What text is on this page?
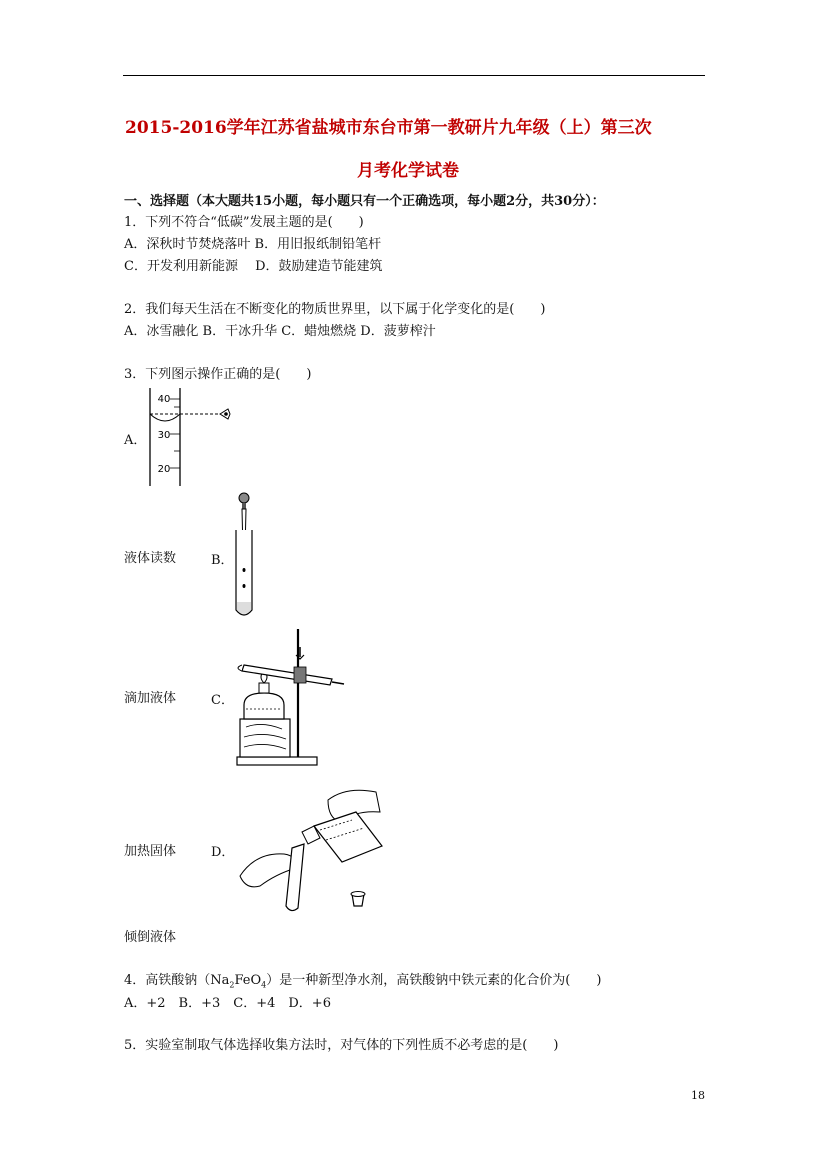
2015-2016学年江苏省盐城市东台市第一教研片九年级（上）第三次
月考化学试卷
一、选择题（本大题共15小题，每小题只有一个正确选项，每小题2分，共30分）：
1．下列不符合“低碳”发展主题的是(　　)
A．深秋时节焚烧落叶 B．用旧报纸制铅笔杆
C．开发利用新能源　 D．鼓励建造节能建筑
2．我们每天生活在不断变化的物质世界里，以下属于化学变化的是(　　)
A．冰雪融化 B．干冰升华 C．蜡烛燃烧 D．菠萝榨汁
3．下列图示操作正确的是(　　)
A．
40
30
20
液体读数	B．
滴加液体	C．
加热固体	D．
倾倒液体
4．高铁酸钠$(Na_2FeO_4)$是一种新型净水剂，高铁酸钠中铁元素的化合价为(　　)
A．+2　B．+3　C．+4　D．+6
5．实验室制取气体选择收集方法时，对气体的下列性质不必考虑的是(　　)
18
